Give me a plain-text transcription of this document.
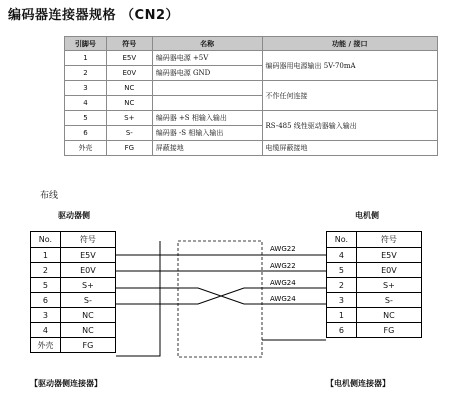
编码器连接器规格 （CN2）
引脚号	符号	名称	功能 / 接口
1	E5V	编码器电源 +5V	编码器用电源输出 5V-70mA
2	E0V	编码器电源 GND	
3	NC		不作任何连接
4	NC		
5	S+	编码器 +S 相输入输出	RS-485 线性驱动器输入输出
6	S-	编码器 -S 相输入输出	
外壳	FG	屏蔽接地	电缆屏蔽接地
布线
驱动器侧	电机侧
AWG22
AWG22
AWG24
AWG24
No.	符号
1	E5V
2	E0V
5	S+
6	S-
3	NC
4	NC
外壳	FG
No.	符号
4	E5V
5	E0V
2	S+
3	S-
1	NC
6	FG
【驱动器侧连接器】	【电机侧连接器】
